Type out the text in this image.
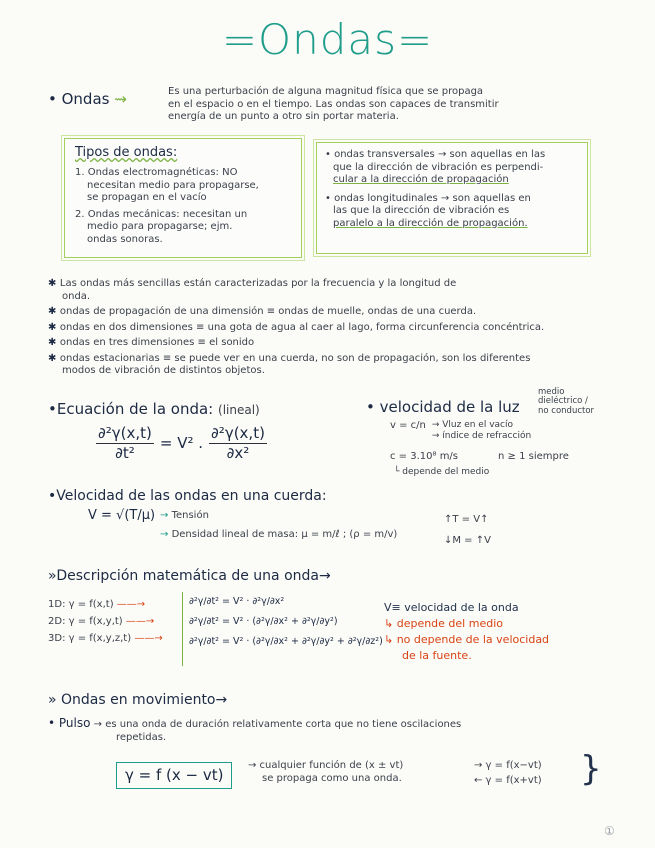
=Ondas=
• Ondas ⇝	Es una perturbación de alguna magnitud física que se propaga
en el espacio o en el tiempo. Las ondas son capaces de transmitir
energía de un punto a otro sin portar materia.
Tipos de ondas:
1. Ondas electromagnéticas: NO
necesitan medio para propagarse,
se propagan en el vacío
2. Ondas mecánicas: necesitan un
medio para propagarse; ejm.
ondas sonoras.
• ondas transversales → son aquellas en las
que la dirección de vibración es perpendi-
cular a la dirección de propagación
• ondas longitudinales → son aquellas en
las que la dirección de vibración es
paralelo a la dirección de propagación.
✱ Las ondas más sencillas están caracterizadas por la frecuencia y la longitud de
onda.
✱ ondas de propagación de una dimensión ≡ ondas de muelle, ondas de una cuerda.
✱ ondas en dos dimensiones ≡ una gota de agua al caer al lago, forma circunferencia concéntrica.
✱ ondas en tres dimensiones ≡ el sonido
✱ ondas estacionarias ≡ se puede ver en una cuerda, no son de propagación, son los diferentes
modos de vibración de distintos objetos.
•Ecuación de la onda: (lineal)
$\frac{\text{∂²γ(x,t)}}{\text{∂t²}} = V^2$ . $\frac{\text{∂²γ(x,t)}}{\text{∂x²}}$
• velocidad de la luz
medio
dieléctrico /
no conductor
v = c/n → Vluz en el vacío
→ índice de refracción
c = 3.10⁸ m/s	n ≥ 1 siempre
└ depende del medio
•Velocidad de las ondas en una cuerda:
V = √(T/μ) → Tensión
→ Densidad lineal de masa: μ = m/ℓ ; (ρ = m/v)
↑T = V↑
↓M = ↑V
»Descripción matemática de una onda→
1D: γ = f(x,t) ——→
2D: γ = f(x,y,t) ——→
3D: γ = f(x,y,z,t) ——→
∂²γ/∂t² = V² · ∂²γ/∂x²
∂²γ/∂t² = V² · (∂²γ/∂x² + ∂²γ/∂y²)
∂²γ/∂t² = V² · (∂²γ/∂x² + ∂²γ/∂y² + ∂²γ/∂z²)
V≡ velocidad de la onda
↳ depende del medio
↳ no depende de la velocidad
de la fuente.
» Ondas en movimiento→
• Pulso → es una onda de duración relativamente corta que no tiene oscilaciones
repetidas.
γ = f (x − vt)
→ cualquier función de (x ± vt)
se propaga como una onda.
→ γ = f(x−vt)
← γ = f(x+vt) }
①
